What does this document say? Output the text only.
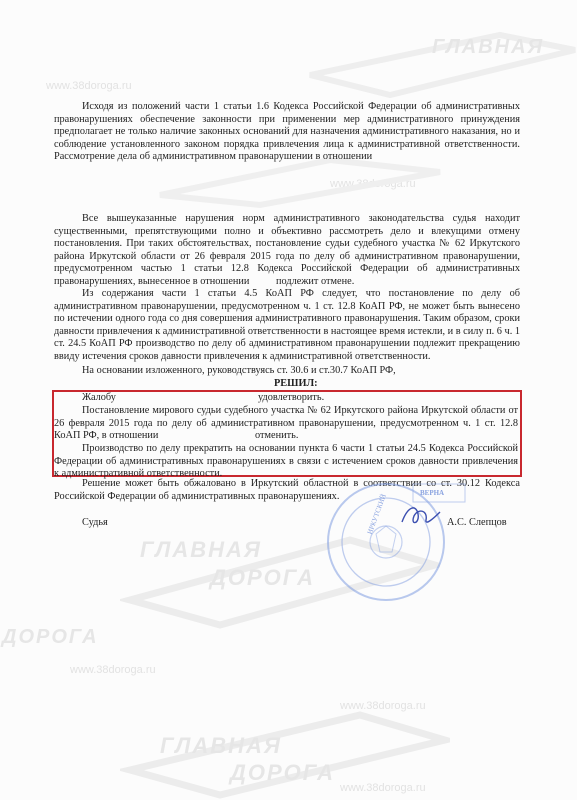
ГЛАВНАЯ
www.38doroga.ru
www.38doroga.ru
ГЛАВНАЯ
ДОРОГА
ДОРОГА
www.38doroga.ru
www.38doroga.ru
ГЛАВНАЯ
ДОРОГА
www.38doroga.ru

Исходя из положений части 1 статьи 1.6 Кодекса Российской Федерации об административных правонарушениях обеспечение законности при применении мер административного принуждения предполагает не только наличие законных оснований для назначения административного наказания, но и соблюдение установленного законом порядка привлечения лица к административной ответственности. Рассмотрение дела об административном правонарушении в отношении

Все вышеуказанные нарушения норм административного законодательства судья находит существенными, препятствующими полно и объективно рассмотреть дело и влекущими отмену постановления. При таких обстоятельствах, постановление судьи судебного участка № 62 Иркутского района Иркутской области от 26 февраля 2015 года по делу об административном правонарушении, предусмотренном частью 1 статьи 12.8 Кодекса Российской Федерации об административных правонарушениях, вынесенное в отношении	подлежит отмене.

Из содержания части 1 статьи 4.5 КоАП РФ следует, что постановление по делу об административном правонарушении, предусмотренном ч. 1 ст. 12.8 КоАП РФ, не может быть вынесено по истечении одного года со дня совершения административного правонарушения. Таким образом, сроки давности привлечения к административной ответственности в настоящее время истекли, и в силу п. 6 ч. 1 ст. 24.5 КоАП РФ производство по делу об административном правонарушении подлежит прекращению ввиду истечения сроков давности привлечения к административной ответственности.

На основании изложенного, руководствуясь ст. 30.6 и ст.30.7 КоАП РФ,

РЕШИЛ:

Жалобу	удовлетворить.

Постановление мирового судьи судебного участка № 62 Иркутского района Иркутской области от 26 февраля 2015 года по делу об административном правонарушении, предусмотренном ч. 1 ст. 12.8 КоАП РФ, в отношении	отменить.

Производство по делу прекратить на основании пункта 6 части 1 статьи 24.5 Кодекса Российской Федерации об административных правонарушениях в связи с истечением сроков давности привлечения к административной ответственности.

Решение может быть обжаловано в Иркутский областной в соответствии со ст. 30.12 Кодекса Российской Федерации об административных правонарушениях.	ИРКУТСКИЙ
ВЕРНА

Судья	А.С. Слепцов
